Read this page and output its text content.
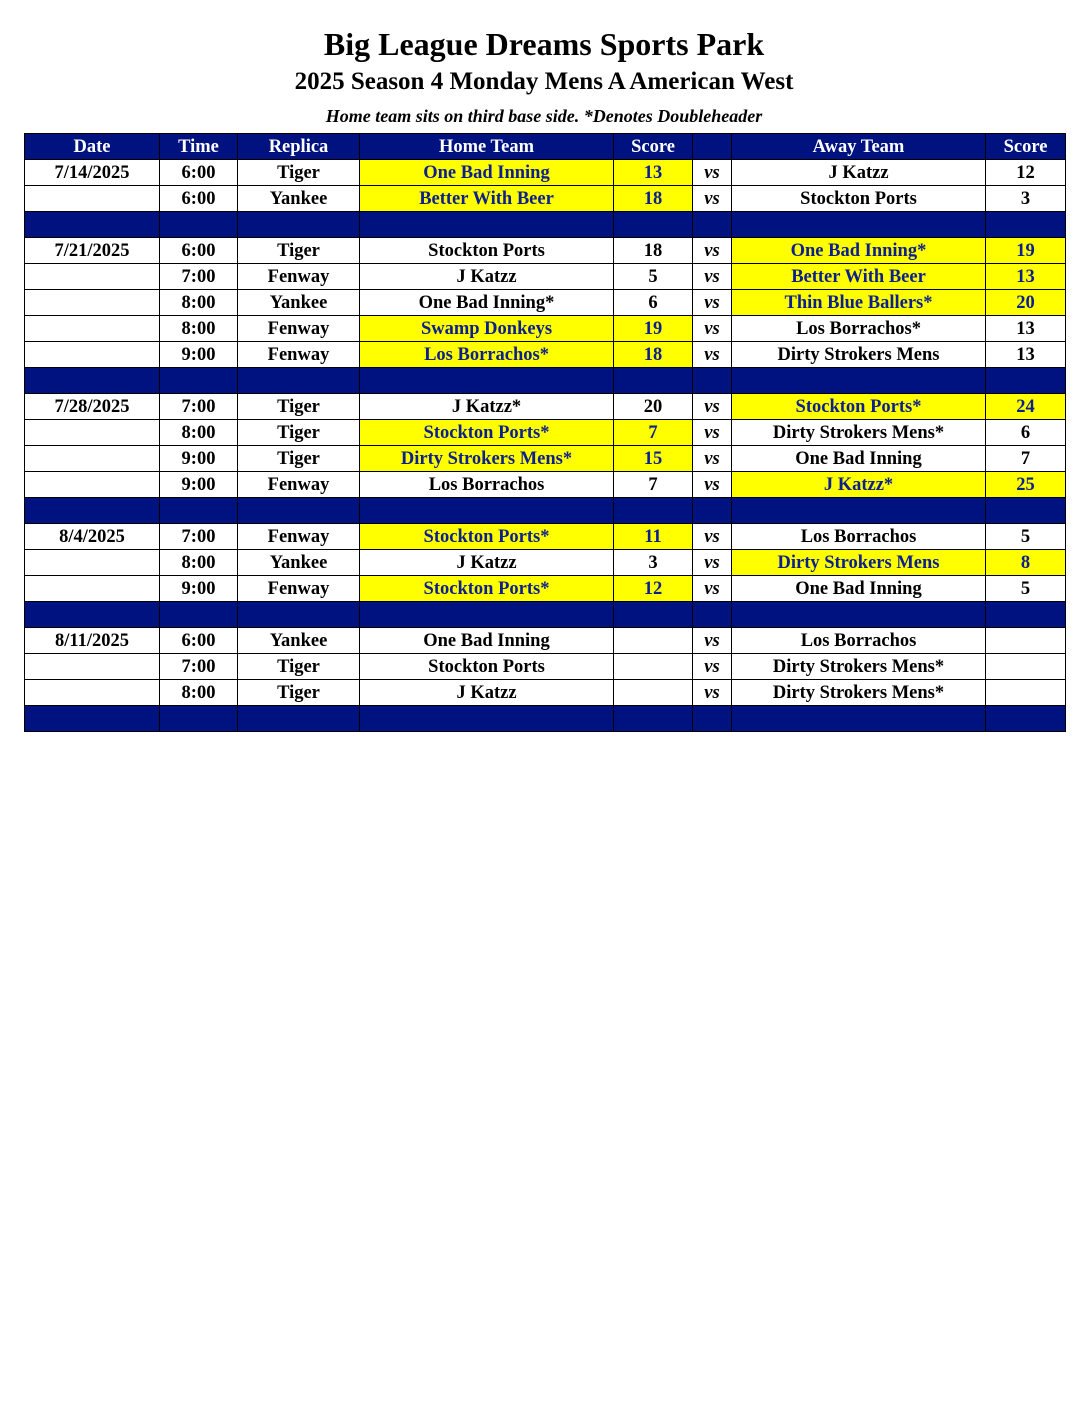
Big League Dreams Sports Park
2025 Season 4 Monday Mens A American West
Home team sits on third base side. *Denotes Doubleheader
Date	Time	Replica	Home Team	Score		Away Team	Score
7/14/2025	6:00	Tiger	One Bad Inning	13	vs	J Katzz	12
	6:00	Yankee	Better With Beer	18	vs	Stockton Ports	3

7/21/2025	6:00	Tiger	Stockton Ports	18	vs	One Bad Inning*	19
	7:00	Fenway	J Katzz	5	vs	Better With Beer	13
	8:00	Yankee	One Bad Inning*	6	vs	Thin Blue Ballers*	20
	8:00	Fenway	Swamp Donkeys	19	vs	Los Borrachos*	13
	9:00	Fenway	Los Borrachos*	18	vs	Dirty Strokers Mens	13

7/28/2025	7:00	Tiger	J Katzz*	20	vs	Stockton Ports*	24
	8:00	Tiger	Stockton Ports*	7	vs	Dirty Strokers Mens*	6
	9:00	Tiger	Dirty Strokers Mens*	15	vs	One Bad Inning	7
	9:00	Fenway	Los Borrachos	7	vs	J Katzz*	25

8/4/2025	7:00	Fenway	Stockton Ports*	11	vs	Los Borrachos	5
	8:00	Yankee	J Katzz	3	vs	Dirty Strokers Mens	8
	9:00	Fenway	Stockton Ports*	12	vs	One Bad Inning	5

8/11/2025	6:00	Yankee	One Bad Inning		vs	Los Borrachos	
	7:00	Tiger	Stockton Ports		vs	Dirty Strokers Mens*	
	8:00	Tiger	J Katzz		vs	Dirty Strokers Mens*	
